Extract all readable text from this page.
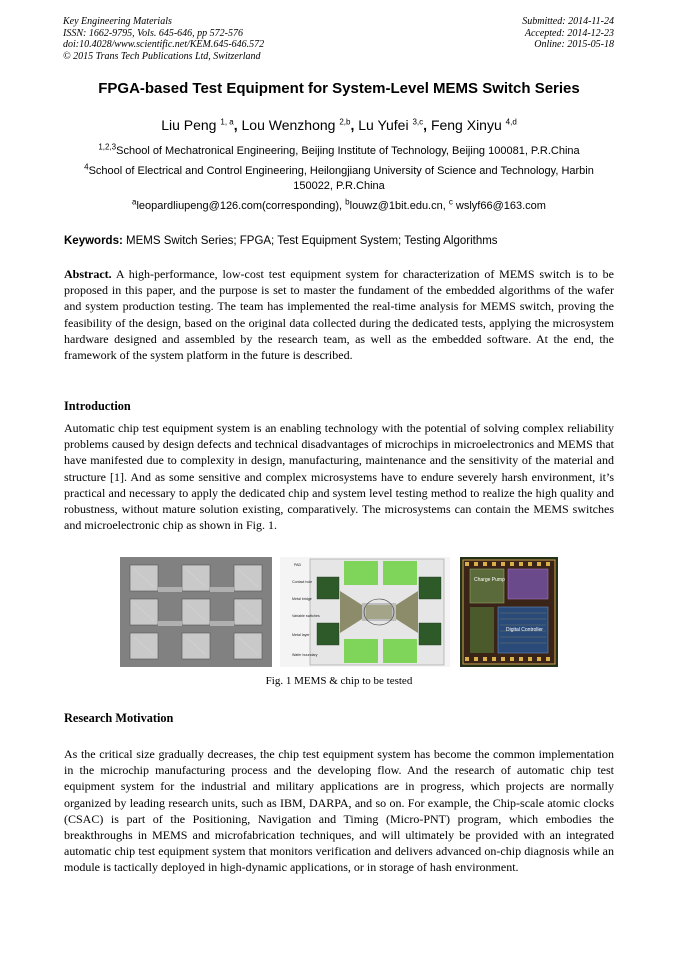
Key Engineering Materials
ISSN: 1662-9795, Vols. 645-646, pp 572-576
doi:10.4028/www.scientific.net/KEM.645-646.572
© 2015 Trans Tech Publications Ltd, Switzerland
Submitted: 2014-11-24
Accepted: 2014-12-23
Online: 2015-05-18
FPGA-based Test Equipment for System-Level MEMS Switch Series
Liu Peng $^{1, a}$, Lou Wenzhong $^{2,b}$, Lu Yufei $^{3,c}$, Feng Xinyu $^{4,d}$
$^{1,2,3}$School of Mechatronical Engineering, Beijing Institute of Technology, Beijing 100081, P.R.China
$^4$School of Electrical and Control Engineering, Heilongjiang University of Science and Technology, Harbin 150022, P.R.China
$^a$leopardliupeng@126.com(corresponding), $^b$louwz@1bit.edu.cn, $^c$ wslyf66@163.com
Keywords: MEMS Switch Series; FPGA; Test Equipment System; Testing Algorithms
Abstract. A high-performance, low-cost test equipment system for characterization of MEMS switch is to be proposed in this paper, and the purpose is set to master the fundament of the embedded algorithms of the wafer and system production testing. The team has implemented the real-time analysis for MEMS switch, proving the feasibility of the design, based on the original data collected during the dedicated tests, applying the microsystem hardware designed and assembled by the research team, as well as the embedded software. At the end, the framework of the system platform in the future is described.
Introduction
Automatic chip test equipment system is an enabling technology with the potential of solving complex reliability problems caused by design defects and technical disadvantages of microchips in microelectronics and MEMS that have manifested due to complexity in design, manufacturing, maintenance and the sensitivity of the material and structure [1]. And as some sensitive and complex microsystems have to endure severely harsh environment, it’s practical and necessary to apply the dedicated chip and system level testing method to realize the high quality and robustness, without mature solution existing, comparatively. The microsystems can contain the MEMS switches and microelectronic chip as shown in Fig. 1.
PAD
Contact hole
Metal bridge
Variable switches
Metal layer
Wafer boundary
Charge Pump
Digital Controller
Fig. 1 MEMS & chip to be tested
Research Motivation
As the critical size gradually decreases, the chip test equipment system has become the common implementation in the microchip manufacturing process and the developing flow. And the research of automatic chip test equipment system for the industrial and military applications are in progress, which projects are normally organized by leading research units, such as IBM, DARPA, and so on. For example, the Chip-scale atomic clocks (CSAC) is part of the Positioning, Navigation and Timing (Micro-PNT) program, which embodies the breakthroughs in MEMS and microfabrication techniques, and will ultimately be provided with an integrated automatic chip test equipment system that monitors verification and delivers advanced on-chip diagnosis while an module is tactically deployed in high-dynamic applications, or in storage of hash environment.
